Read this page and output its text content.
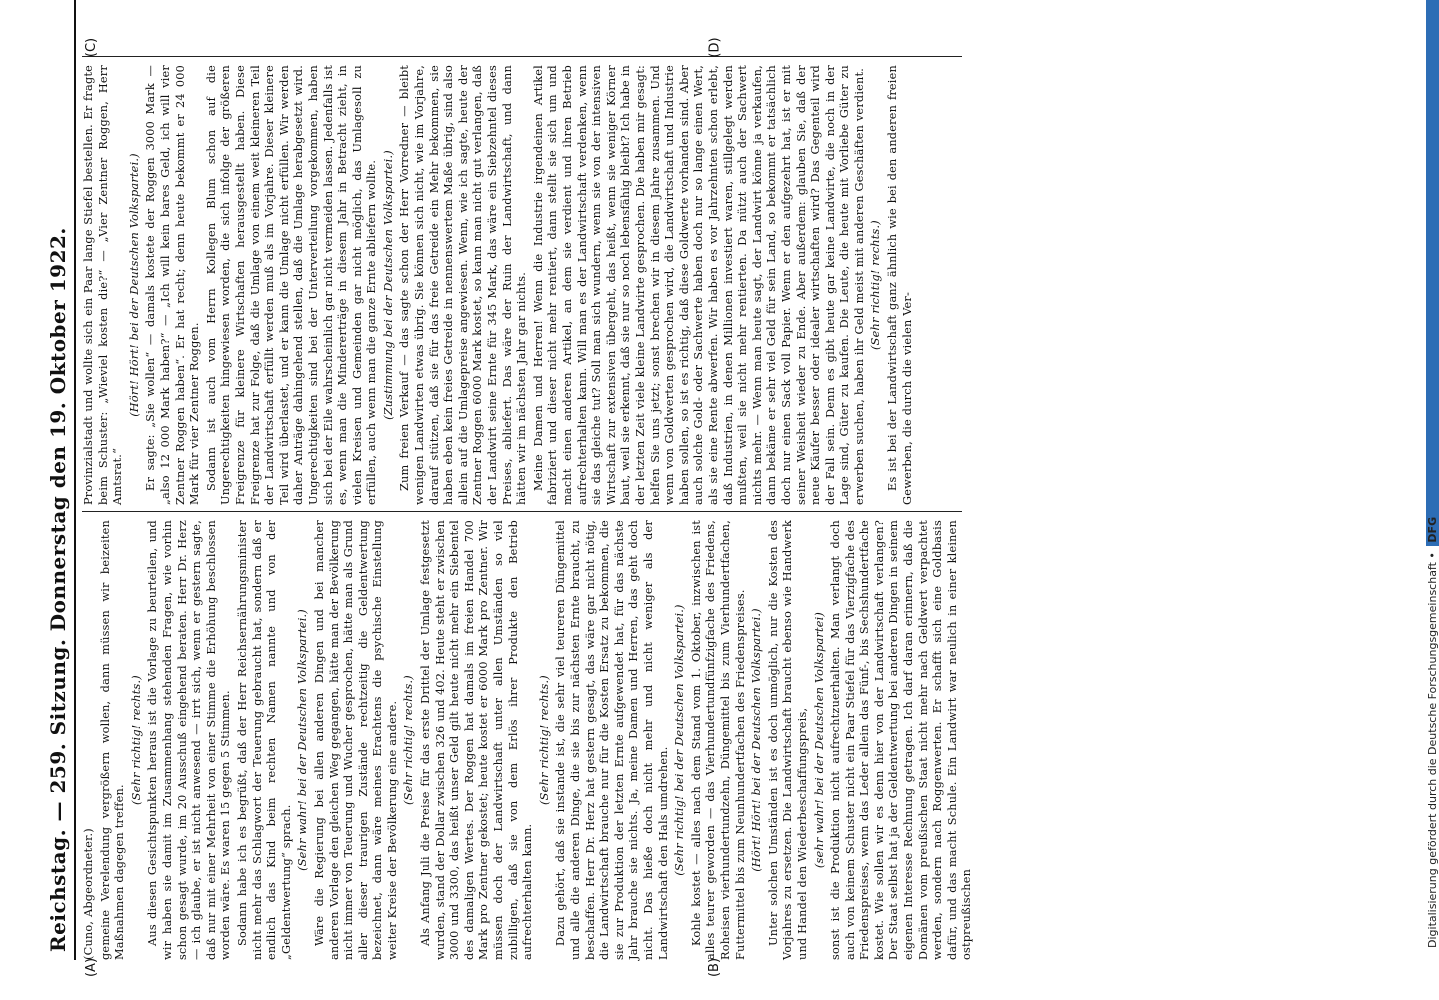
Reichstag. — 259. Sitzung. Donnerstag den 19. Oktober 1922. (Cuno, Abgeordneter.) gemeine Verelendung vergrößern wollen, dann müssen wir beizeiten Maßnahmen dagegen treffen.

(Sehr richtig! rechts.) Aus diesen Gesichtspunkten heraus ist die Vorlage zu beurteilen, und wir haben sie damit im Zusammenhang stehenden Fragen, wie vorhin schon gesagt wurde, im 20 Ausschuß eingehend beraten. Herr Dr. Herz — ich glaube, er ist nicht anwesend — irrt sich, wenn er gestern sagte, daß nur mit einer Mehrheit von einer Stimme die Erhöhung beschlossen worden wäre. Es waren 15 gegen 5 Stimmen. Sodann habe ich es begrüßt, daß der Herr Reichsernährungsminister nicht mehr das Schlagwort der Teuerung gebraucht hat, sondern daß er endlich das Kind beim rechten Namen nannte und von der „Geldentwertung“ sprach.

(Sehr wahr! bei der Deutschen Volkspartei.) Wäre die Regierung bei allen anderen Dingen und bei mancher anderen Vorlage den gleichen Weg gegangen, hätte man der Bevölkerung nicht immer von Teuerung und Wucher gesprochen, hätte man als Grund aller dieser traurigen Zustände rechtzeitig die Geldentwertung bezeichnet, dann wäre meines Erachtens die psychische Einstellung weiter Kreise der Bevölkerung eine andere. (Sehr richtig! rechts.) Als Anfang Juli die Preise für das erste Drittel der Umlage festgesetzt wurden, stand der Dollar zwischen 326 und 402. Heute steht er zwischen 3000 und 3300, das heißt unser Geld gilt heute nicht mehr ein Siebentel des damaligen Wertes. Der Roggen hat damals im freien Handel 700 Mark pro Zentner gekostet; heute kostet er 6000 Mark pro Zentner. Wir müssen doch der Landwirtschaft unter allen Umständen so viel zubilligen, daß sie von dem Erlös ihrer Produkte den Betrieb aufrechterhalten kann.

(Sehr richtig! rechts.) Dazu gehört, daß sie instande ist, die sehr viel teureren Düngemittel und alle die anderen Dinge, die sie bis zur nächsten Ernte braucht, zu beschaffen. Herr Dr. Herz hat gestern gesagt, das wäre gar nicht nötig, die Landwirtschaft brauche nur für die Kosten Ersatz zu bekommen, die sie zur Produktion der letzten Ernte aufgewendet hat, für das nächste Jahr brauche sie nichts. Ja, meine Damen und Herren, das geht doch nicht. Das hieße doch nicht mehr und nicht weniger als der Landwirtschaft den Hals umdrehen. (Sehr richtig! bei der Deutschen Volkspartei.) Kohle kostet — alles nach dem Stand vom 1. Oktober, inzwischen ist alles teurer geworden — das Vierhundertundfünfzigfache des Friedens, Roheisen vierhundertundzehn, Düngemittel bis zum Vierhundertfachen, Futtermittel bis zum Neunhundertfachen des Friedenspreises. (Hört! Hört! bei der Deutschen Volkspartei.) Unter solchen Umständen ist es doch unmöglich, nur die Kosten des Vorjahres zu ersetzen. Die Landwirtschaft braucht ebenso wie Handwerk und Handel den Wiederbeschaffungspreis, (sehr wahr! bei der Deutschen Volkspartei) sonst ist die Produktion nicht aufrechtzuerhalten. Man verlangt doch auch von keinem Schuster nicht ein Paar Stiefel für das Vierzigfache des Friedenspreises, wenn das Leder allein das Fünf-, bis Sechshundertfache kostet. Wie sollen wir es denn hier von der Landwirtschaft verlangen? Der Staat selbst hat ja der Geldentwertung bei anderen Dingen in seinem eigenen Interesse Rechnung getragen. Ich darf daran erinnern, daß die Domänen vom preußischen Staat nicht mehr nach Geldwert verpachtet werden, sondern nach Roggenwerten. Er schafft sich eine Goldbasis dafür, und das macht Schule. Ein Landwirt war neulich in einer kleinen ostpreußischen

Provinzialstadt und wollte sich ein Paar lange Stiefel bestellen. Er fragte beim Schuster: „Wieviel kosten die?“ — „Vier Zentner Roggen, Herr Amtsrat.“

(Hört! Hört! bei der Deutschen Volkspartei.) Er sagte: „Sie wollen“ — damals kostete der Roggen 3000 Mark — „also 12 000 Mark haben?“ — „Ich will kein bares Geld, ich will vier Zentner Roggen haben“. Er hat recht; denn heute bekommt er 24 000 Mark für vier Zentner Roggen. Sodann ist auch vom Herrn Kollegen Blum schon auf die Ungerechtigkeiten hingewiesen worden, die sich infolge der größeren Freigrenze für kleinere Wirtschaften herausgestellt haben. Diese Freigrenze hat zur Folge, daß die Umlage von einem weit kleineren Teil der Landwirtschaft erfüllt werden muß als im Vorjahre. Dieser kleinere Teil wird überlastet, und er kann die Umlage nicht erfüllen. Wir werden daher Anträge dahingehend stellen, daß die Umlage herabgesetzt wird. Ungerechtigkeiten sind bei der Unterverteilung vorgekommen, haben sich bei der Eile wahrscheinlich gar nicht vermeiden lassen. Jedenfalls ist es, wenn man die Mindererträge in diesem Jahr in Betracht zieht, in vielen Kreisen und Gemeinden gar nicht möglich, das Umlagesoll zu erfüllen, auch wenn man die ganze Ernte abliefern wollte. (Zustimmung bei der Deutschen Volkspartei.) Zum freien Verkauf — das sagte schon der Herr Vorredner — bleibt wenigen Landwirten etwas übrig. Sie können sich nicht, wie im Vorjahre, darauf stützen, daß sie für das freie Getreide ein Mehr bekommen, sie haben eben kein freies Getreide in nennenswertem Maße übrig, sind also allein auf die Umlagepreise angewiesen. Wenn, wie ich sagte, heute der Zentner Roggen 6000 Mark kostet, so kann man nicht gut verlangen, daß der Landwirt seine Ernte für 345 Mark, das wäre ein Siebzehntel dieses Preises, abliefert. Das wäre der Ruin der Landwirtschaft, und dann hätten wir im nächsten Jahr gar nichts. Meine Damen und Herren! Wenn die Industrie irgendeinen Artikel fabriziert und dieser nicht mehr rentiert, dann stellt sie sich um und macht einen anderen Artikel, an dem sie verdient und ihren Betrieb aufrechterhalten kann. Will man es der Landwirtschaft verdenken, wenn sie das gleiche tut? Soll man sich wundern, wenn sie von der intensiven Wirtschaft zur extensiven übergeht, das heißt, wenn sie weniger Körner baut, weil sie erkennt, daß sie nur so noch lebensfähig bleibt? Ich habe in der letzten Zeit viele kleine Landwirte gesprochen. Die haben mir gesagt: helfen Sie uns jetzt; sonst brechen wir in diesem Jahre zusammen. Und wenn von Goldwerten gesprochen wird, die Landwirtschaft und Industrie haben sollen, so ist es richtig, daß diese Goldwerte vorhanden sind. Aber auch solche Gold- oder Sachwerte haben doch nur so lange einen Wert, als sie eine Rente abwerfen. Wir haben es vor Jahrzehnten schon erlebt, daß Industrien, in denen Millionen investiert waren, stillgelegt werden mußten, weil sie nicht mehr rentierten. Da nützt auch der Sachwert nichts mehr. — Wenn man heute sagt, der Landwirt könne ja verkaufen, dann bekäme er sehr viel Geld für sein Land, so bekommt er tatsächlich doch nur einen Sack voll Papier. Wenn er den aufgezehrt hat, ist er mit seiner Weisheit wieder zu Ende. Aber außerdem: glauben Sie, daß der neue Käufer besser oder idealer wirtschaften wird? Das Gegenteil wird der Fall sein. Denn es gibt heute gar keine Landwirte, die noch in der Lage sind, Güter zu kaufen. Die Leute, die heute mit Vorliebe Güter zu erwerben suchen, haben ihr Geld meist mit anderen Geschäften verdient. (Sehr richtig! rechts.) Es ist bei der Landwirtschaft ganz ähnlich wie bei den anderen freien Gewerben, die durch die vielen Ver-

(A)	(B)
(C)	(D)
Digitalisierung gefördert durch die Deutsche Forschungsgemeinschaft • DFG
